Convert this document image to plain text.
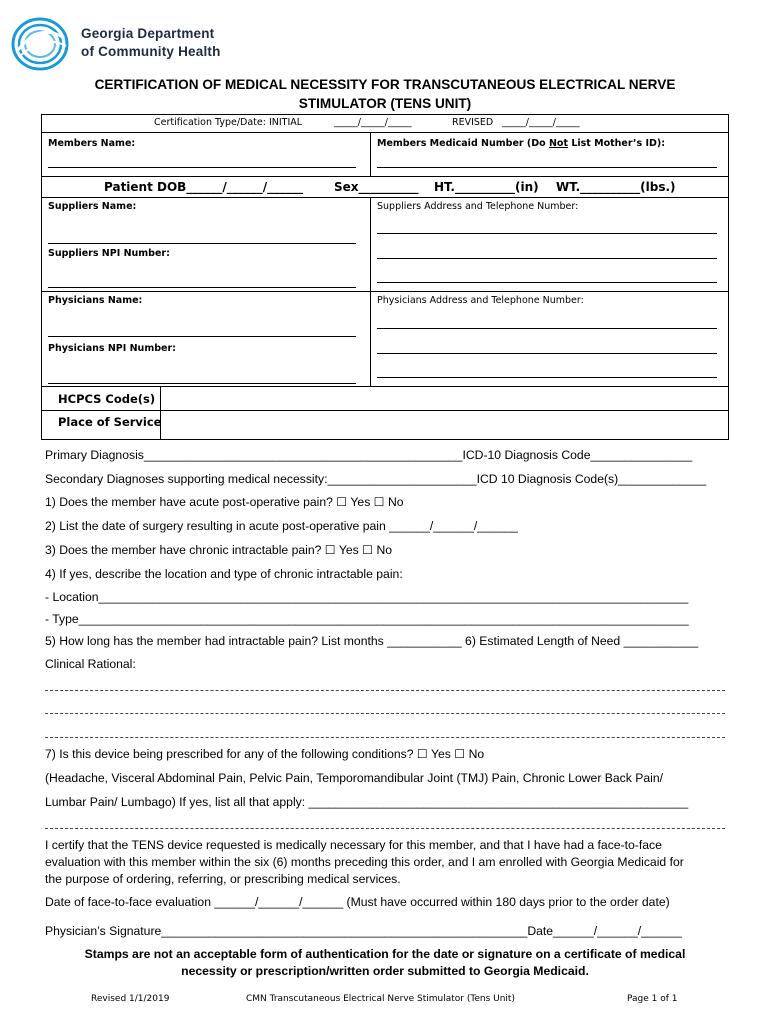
Georgia Department
of Community Health
CERTIFICATION OF MEDICAL NECESSITY FOR TRANSCUTANEOUS ELECTRICAL NERVE
STIMULATOR (TENS UNIT)
Certification Type/Date: INITIAL	_____/_____/_____	REVISED _____/_____/_____
Members Name:	Members Medicaid Number (Do Not List Mother’s ID):
Patient DOB______/______/______	Sex__________ HT.__________(in) WT.__________(lbs.)
Suppliers Name:	Suppliers Address and Telephone Number:
Suppliers NPI Number:
Physicians Name:	Physicians Address and Telephone Number:
Physicians NPI Number:
HCPCS Code(s)
Place of Service
Primary Diagnosis_______________________________________________ICD-10 Diagnosis Code_______________
Secondary Diagnoses supporting medical necessity:______________________ICD 10 Diagnosis Code(s)_____________
1) Does the member have acute post-operative pain? ☐ Yes ☐ No
2) List the date of surgery resulting in acute post-operative pain ______/______/______
3) Does the member have chronic intractable pain? ☐ Yes ☐ No
4) If yes, describe the location and type of chronic intractable pain:
- Location_______________________________________________________________________________________
- Type__________________________________________________________________________________________
5) How long has the member had intractable pain? List months ___________ 6) Estimated Length of Need ___________
Clinical Rational:
7) Is this device being prescribed for any of the following conditions? ☐ Yes ☐ No
(Headache, Visceral Abdominal Pain, Pelvic Pain, Temporomandibular Joint (TMJ) Pain, Chronic Lower Back Pain/
Lumbar Pain/ Lumbago) If yes, list all that apply: ________________________________________________________
I certify that the TENS device requested is medically necessary for this member, and that I have had a face-to-face
evaluation with this member within the six (6) months preceding this order, and I am enrolled with Georgia Medicaid for
the purpose of ordering, referring, or prescribing medical services.
Date of face-to-face evaluation ______/______/______ (Must have occurred within 180 days prior to the order date)
Physician’s Signature______________________________________________________Date______/______/______
Stamps are not an acceptable form of authentication for the date or signature on a certificate of medical
necessity or prescription/written order submitted to Georgia Medicaid.
Revised 1/1/2019	CMN Transcutaneous Electrical Nerve Stimulator (Tens Unit)	Page 1 of 1
